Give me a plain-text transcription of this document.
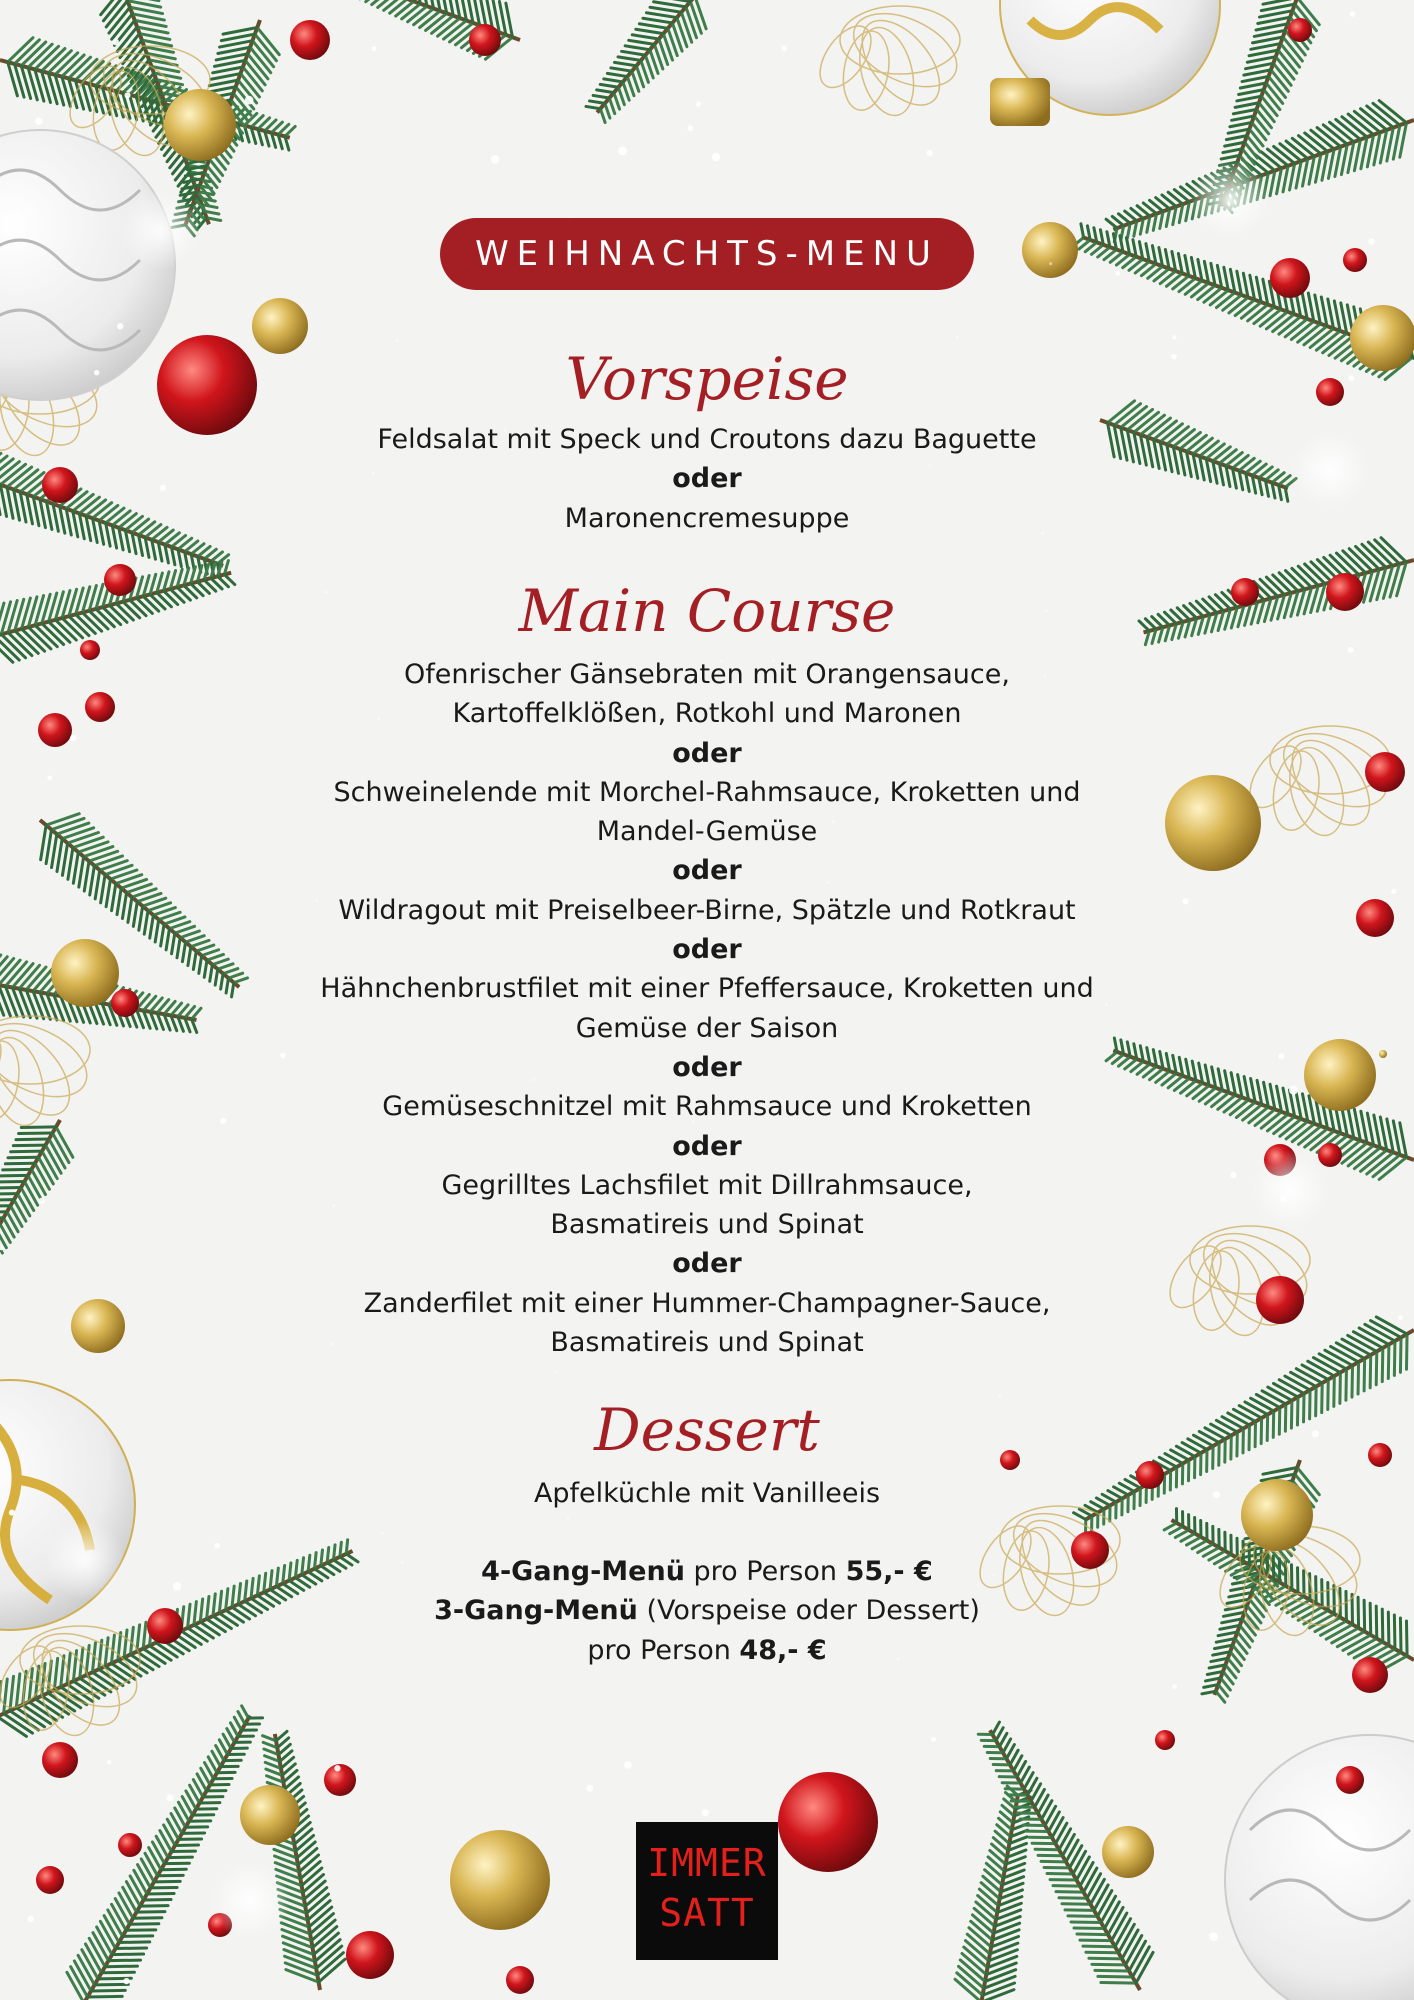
WEIHNACHTS-MENU
Vorspeise
Feldsalat mit Speck und Croutons dazu Baguette
oder
Maronencremesuppe
Main Course
Ofenrischer Gänsebraten mit Orangensauce,
Kartoffelklößen, Rotkohl und Maronen
oder
Schweinelende mit Morchel-Rahmsauce, Kroketten und
Mandel-Gemüse
oder
Wildragout mit Preiselbeer-Birne, Spätzle und Rotkraut
oder
Hähnchenbrustfilet mit einer Pfeffersauce, Kroketten und
Gemüse der Saison
oder
Gemüseschnitzel mit Rahmsauce und Kroketten
oder
Gegrilltes Lachsfilet mit Dillrahmsauce,
Basmatireis und Spinat
oder
Zanderfilet mit einer Hummer-Champagner-Sauce,
Basmatireis und Spinat
Dessert
Apfelküchle mit Vanilleeis
4-Gang-Menü pro Person 55,- €
3-Gang-Menü (Vorspeise oder Dessert)
pro Person 48,- €
IMMER
SATT
